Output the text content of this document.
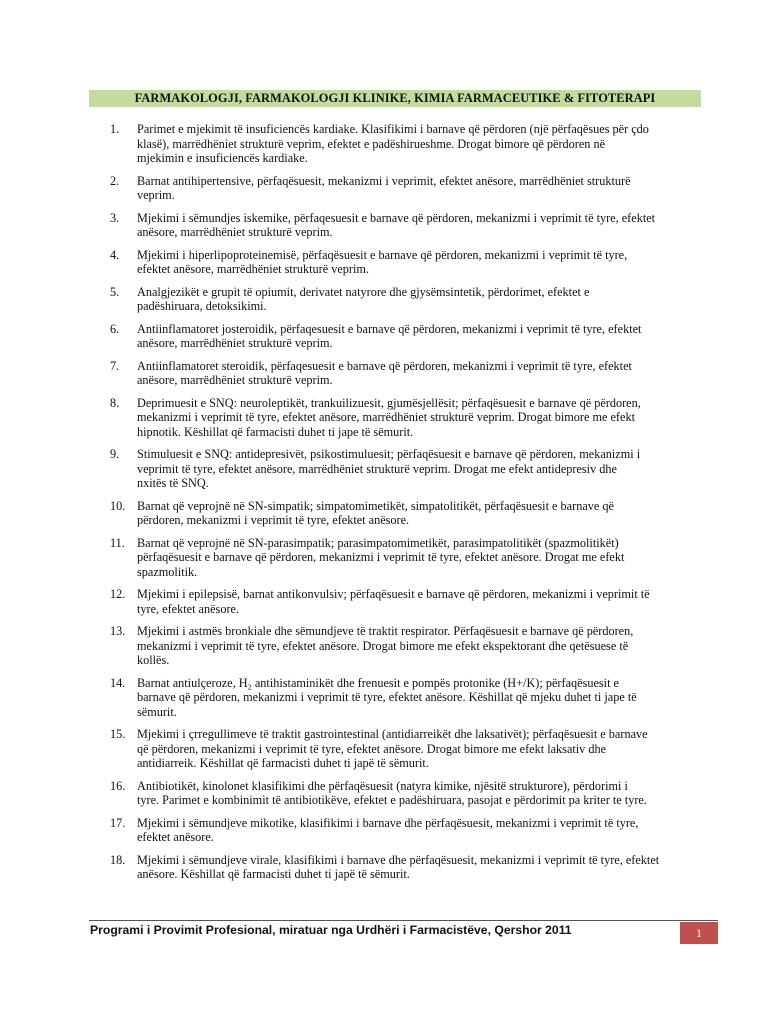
FARMAKOLOGJI, FARMAKOLOGJI KLINIKE, KIMIA FARMACEUTIKE & FITOTERAPI
1. Parimet e mjekimit të insuficiencës kardiake. Klasifikimi i barnave që përdoren (një përfaqësues për çdo
klasë), marrëdhëniet strukturë veprim, efektet e padëshirueshme. Drogat bimore që përdoren në
mjekimin e insuficiencës kardiake.
2. Barnat antihipertensive, përfaqësuesit, mekanizmi i veprimit, efektet anësore, marrëdhëniet strukturë
veprim.
3. Mjekimi i sëmundjes iskemike, përfaqesuesit e barnave që përdoren, mekanizmi i veprimit të tyre, efektet
anësore, marrëdhëniet strukturë veprim.
4. Mjekimi i hiperlipoproteinemisë, përfaqësuesit e barnave që përdoren, mekanizmi i veprimit të tyre,
efektet anësore, marrëdhëniet strukturë veprim.
5. Analgjezikët e grupit të opiumit, derivatet natyrore dhe gjysëmsintetik, përdorimet, efektet e
padëshiruara, detoksikimi.
6. Antiinflamatoret josteroidik, përfaqesuesit e barnave që përdoren, mekanizmi i veprimit të tyre, efektet
anësore, marrëdhëniet strukturë veprim.
7. Antiinflamatoret steroidik, përfaqesuesit e barnave që përdoren, mekanizmi i veprimit të tyre, efektet
anësore, marrëdhëniet strukturë veprim.
8. Deprimuesit e SNQ: neuroleptikët, trankuilizuesit, gjumësjellësit; përfaqësuesit e barnave që përdoren,
mekanizmi i veprimit të tyre, efektet anësore, marrëdhëniet strukturë veprim. Drogat bimore me efekt
hipnotik. Këshillat që farmacisti duhet ti jape të sëmurit.
9. Stimuluesit e SNQ: antidepresivët, psikostimuluesit; përfaqësuesit e barnave që përdoren, mekanizmi i
veprimit të tyre, efektet anësore, marrëdhëniet strukturë veprim. Drogat me efekt antidepresiv dhe
nxitës të SNQ.
10. Barnat që veprojnë në SN-simpatik; simpatomimetikët, simpatolitikët, përfaqësuesit e barnave që
përdoren, mekanizmi i veprimit të tyre, efektet anësore.
11. Barnat që veprojnë në SN-parasimpatik; parasimpatomimetikët, parasimpatolitikët (spazmolitikët)
përfaqësuesit e barnave që përdoren, mekanizmi i veprimit të tyre, efektet anësore. Drogat me efekt
spazmolitik.
12. Mjekimi i epilepsisë, barnat antikonvulsiv; përfaqësuesit e barnave që përdoren, mekanizmi i veprimit të
tyre, efektet anësore.
13. Mjekimi i astmës bronkiale dhe sëmundjeve të traktit respirator. Përfaqësuesit e barnave që përdoren,
mekanizmi i veprimit të tyre, efektet anësore. Drogat bimore me efekt ekspektorant dhe qetësuese të
kollës.
14. Barnat antiulçeroze, H₂ antihistaminikët dhe frenuesit e pompës protonike (H+/K); përfaqësuesit e
barnave që përdoren, mekanizmi i veprimit të tyre, efektet anësore. Këshillat që mjeku duhet ti jape të
sëmurit.
15. Mjekimi i çrregullimeve të traktit gastrointestinal (antidiarreikët dhe laksativët); përfaqësuesit e barnave
që përdoren, mekanizmi i veprimit të tyre, efektet anësore. Drogat bimore me efekt laksativ dhe
antidiarreik. Këshillat që farmacisti duhet ti japë të sëmurit.
16. Antibiotikët, kinolonet klasifikimi dhe përfaqësuesit (natyra kimike, njësitë strukturore), përdorimi i
tyre. Parimet e kombinimit të antibiotikëve, efektet e padëshiruara, pasojat e përdorimit pa kriter te tyre.
17. Mjekimi i sëmundjeve mikotike, klasifikimi i barnave dhe përfaqësuesit, mekanizmi i veprimit të tyre,
efektet anësore.
18. Mjekimi i sëmundjeve virale, klasifikimi i barnave dhe përfaqësuesit, mekanizmi i veprimit të tyre, efektet
anësore. Këshillat që farmacisti duhet ti japë të sëmurit.
Programi i Provimit Profesional, miratuar nga Urdhëri i Farmacistëve, Qershor 2011	1
